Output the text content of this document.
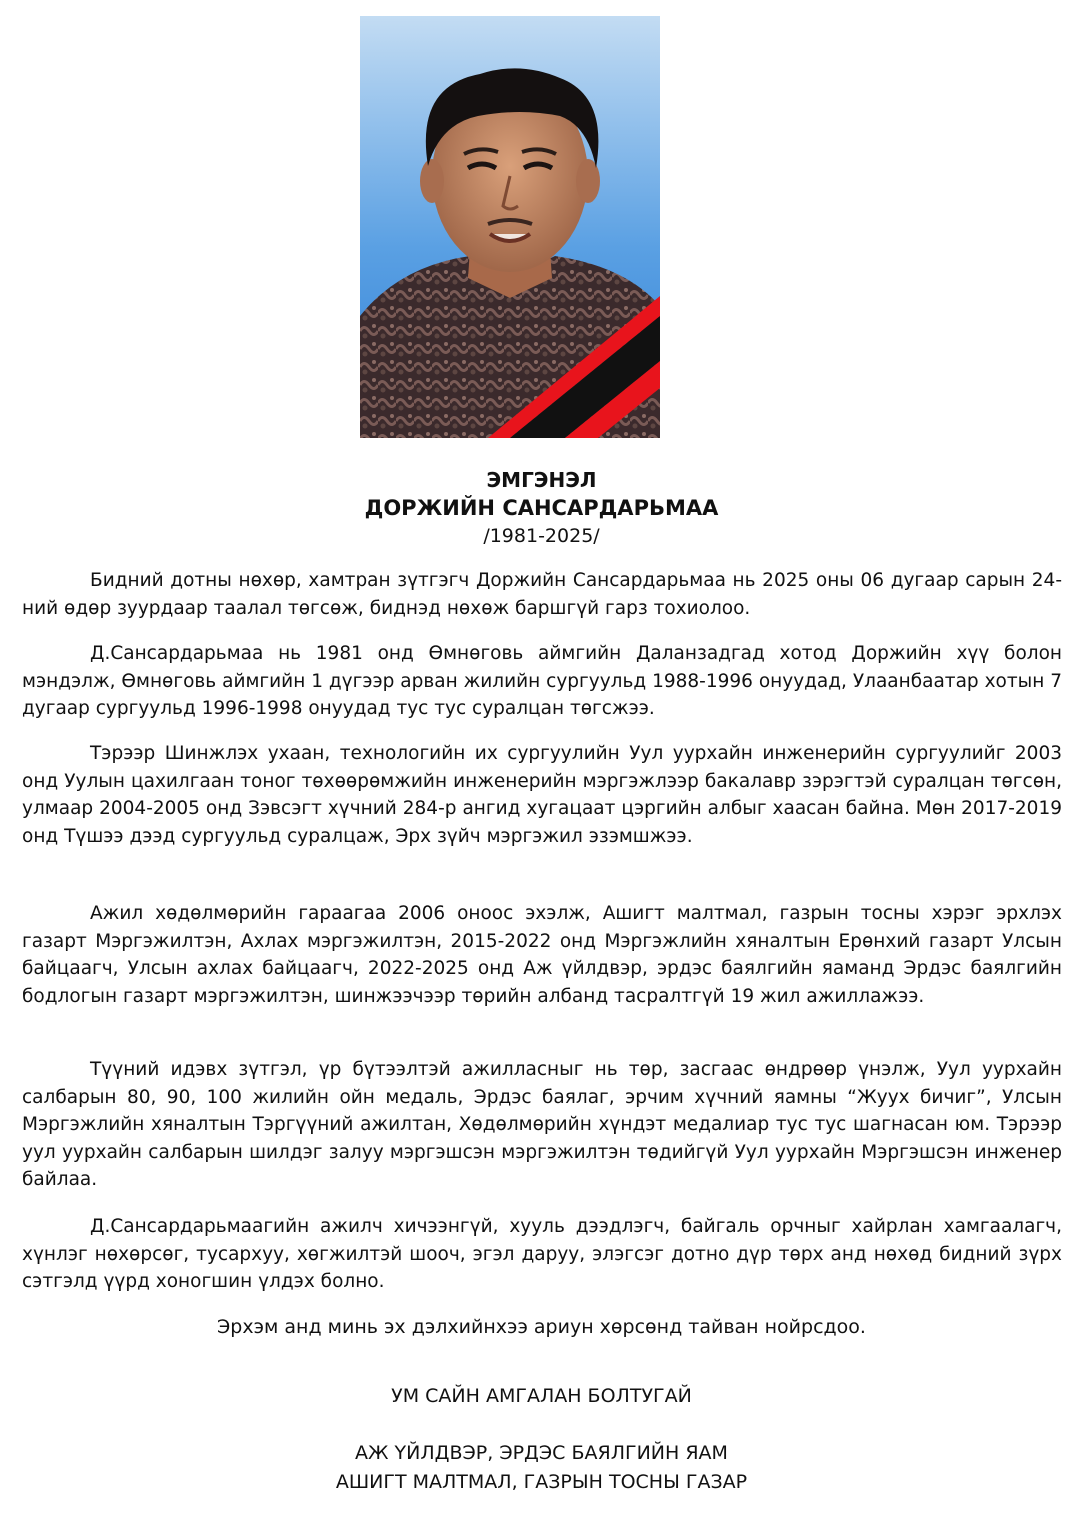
ЭМГЭНЭЛ
ДОРЖИЙН САНСАРДАРЬМАА
/1981-2025/

Бидний дотны нөхөр, хамтран зүтгэгч Доржийн Сансардарьмаа нь 2025 оны 06 дугаар сарын 24-ний өдөр зуурдаар таалал төгсөж, биднэд нөхөж баршгүй гарз тохиолоо.

Д.Сансардарьмаа нь 1981 онд Өмнөговь аймгийн Даланзадгад хотод Доржийн хүү болон мэндэлж, Өмнөговь аймгийн 1 дүгээр арван жилийн сургуульд 1988-1996 онуудад, Улаанбаатар хотын 7 дугаар сургуульд 1996-1998 онуудад тус тус суралцан төгсжээ.

Тэрээр Шинжлэх ухаан, технологийн их сургуулийн Уул уурхайн инженерийн сургуулийг 2003 онд Уулын цахилгаан тоног төхөөрөмжийн инженерийн мэргэжлээр бакалавр зэрэгтэй суралцан төгсөн, улмаар 2004-2005 онд Зэвсэгт хүчний 284-р ангид хугацаат цэргийн албыг хаасан байна. Мөн 2017-2019 онд Түшээ дээд сургуульд суралцаж, Эрх зүйч мэргэжил эзэмшжээ.

Ажил хөдөлмөрийн гараагаа 2006 оноос эхэлж, Ашигт малтмал, газрын тосны хэрэг эрхлэх газарт Мэргэжилтэн, Ахлах мэргэжилтэн, 2015-2022 онд Мэргэжлийн хяналтын Ерөнхий газарт Улсын байцаагч, Улсын ахлах байцаагч, 2022-2025 онд Аж үйлдвэр, эрдэс баялгийн яаманд Эрдэс баялгийн бодлогын газарт мэргэжилтэн, шинжээчээр төрийн албанд тасралтгүй 19 жил ажиллажээ.

Түүний идэвх зүтгэл, үр бүтээлтэй ажилласныг нь төр, засгаас өндрөөр үнэлж, Уул уурхайн салбарын 80, 90, 100 жилийн ойн медаль, Эрдэс баялаг, эрчим хүчний яамны “Жуух бичиг”, Улсын Мэргэжлийн хяналтын Тэргүүний ажилтан, Хөдөлмөрийн хүндэт медалиар тус тус шагнасан юм. Тэрээр уул уурхайн салбарын шилдэг залуу мэргэшсэн мэргэжилтэн төдийгүй Уул уурхайн Мэргэшсэн инженер байлаа.

Д.Сансардарьмаагийн ажилч хичээнгүй, хууль дээдлэгч, байгаль орчныг хайрлан хамгаалагч, хүнлэг нөхөрсөг, тусархуу, хөгжилтэй шооч, эгэл даруу, элэгсэг дотно дүр төрх анд нөхөд бидний зүрх сэтгэлд үүрд хоногшин үлдэх болно.

Эрхэм анд минь эх дэлхийнхээ ариун хөрсөнд тайван нойрсдоо.
УМ САЙН АМГАЛАН БОЛТУГАЙ
АЖ ҮЙЛДВЭР, ЭРДЭС БАЯЛГИЙН ЯАМ
АШИГТ МАЛТМАЛ, ГАЗРЫН ТОСНЫ ГАЗАР
